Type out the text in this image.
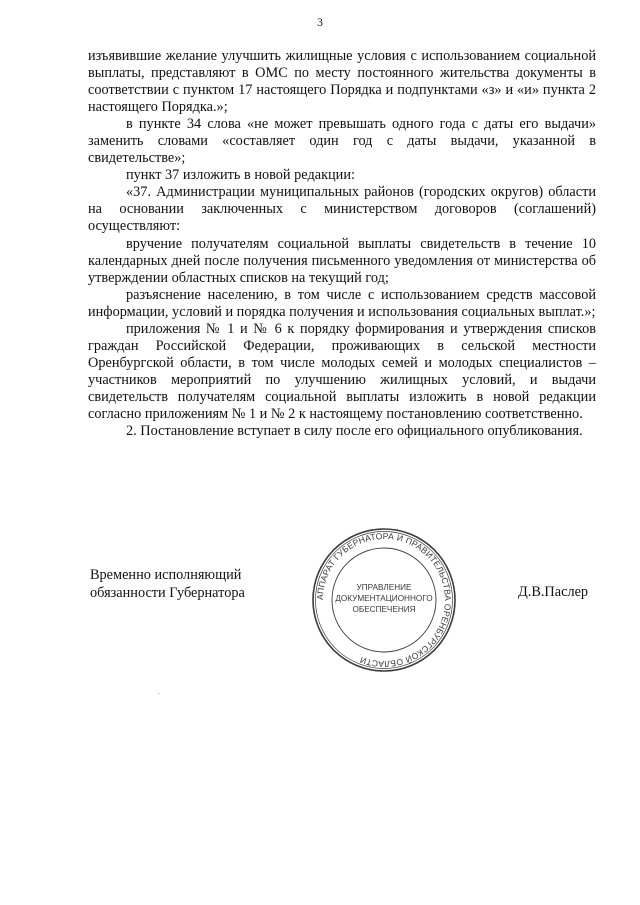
3

изъявившие желание улучшить жилищные условия с использованием социальной выплаты, представляют в ОМС по месту постоянного жительства документы в соответствии с пунктом 17 настоящего Порядка и подпунктами «з» и «и» пункта 2 настоящего Порядка.»;

в пункте 34 слова «не может превышать одного года с даты его выдачи» заменить словами «составляет один год с даты выдачи, указанной в свидетельстве»;

пункт 37 изложить в новой редакции:

«37. Администрации муниципальных районов (городских округов) области на основании заключенных с министерством договоров (соглашений) осуществляют:

вручение получателям социальной выплаты свидетельств в течение 10 календарных дней после получения письменного уведомления от министерства об утверждении областных списков на текущий год;

разъяснение населению, в том числе с использованием средств массовой информации, условий и порядка получения и использования социальных выплат.»;

приложения № 1 и № 6 к порядку формирования и утверждения списков граждан Российской Федерации, проживающих в сельской местности Оренбургской области, в том числе молодых семей и молодых специалистов – участников мероприятий по улучшению жилищных условий, и выдачи свидетельств получателям социальной выплаты изложить в новой редакции согласно приложениям № 1 и № 2 к настоящему постановлению соответственно.

2. Постановление вступает в силу после его официального опубликования.

Временно исполняющий
обязанности Губернатора	Д.В.Паслер
АППАРАТ ГУБЕРНАТОРА И ПРАВИТЕЛЬСТВА ОРЕНБУРГСКОЙ ОБЛАСТИ
УПРАВЛЕНИЕ
ДОКУМЕНТАЦИОННОГО
ОБЕСПЕЧЕНИЯ
